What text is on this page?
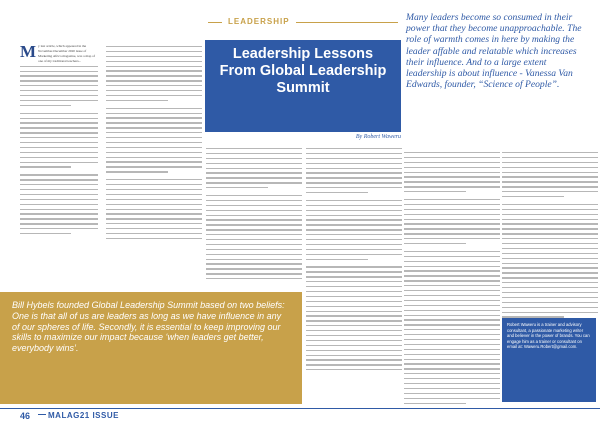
LEADERSHIP
M y last article, which appeared in the November-December 2020 issue of Marketing Africa magazine, was a map of one of my traditional teachers...	Leadership Lessons From Global Leadership Summit
By Robert Waweru
Many leaders become so consumed in their power that they become unapproachable. The role of warmth comes in here by making the leader affable and relatable which increases their influence. And to a large extent leadership is about influence - Vanessa Van Edwards, founder, “Science of People”.
Bill Hybels founded Global Leadership Summit based on two beliefs: One is that all of us are leaders as long as we have influence in any of our spheres of life. Secondly, it is essential to keep improving our skills to maximize our impact because ‘when leaders get better, everybody wins’.
Robert Waweru is a trainer and advisory consultant, a passionate marketing writer and believer in the power of brands. You can engage him as a trainer or consultant on email at: Waweru.Robert@gmail.com.
46 MALAG21 ISSUE
